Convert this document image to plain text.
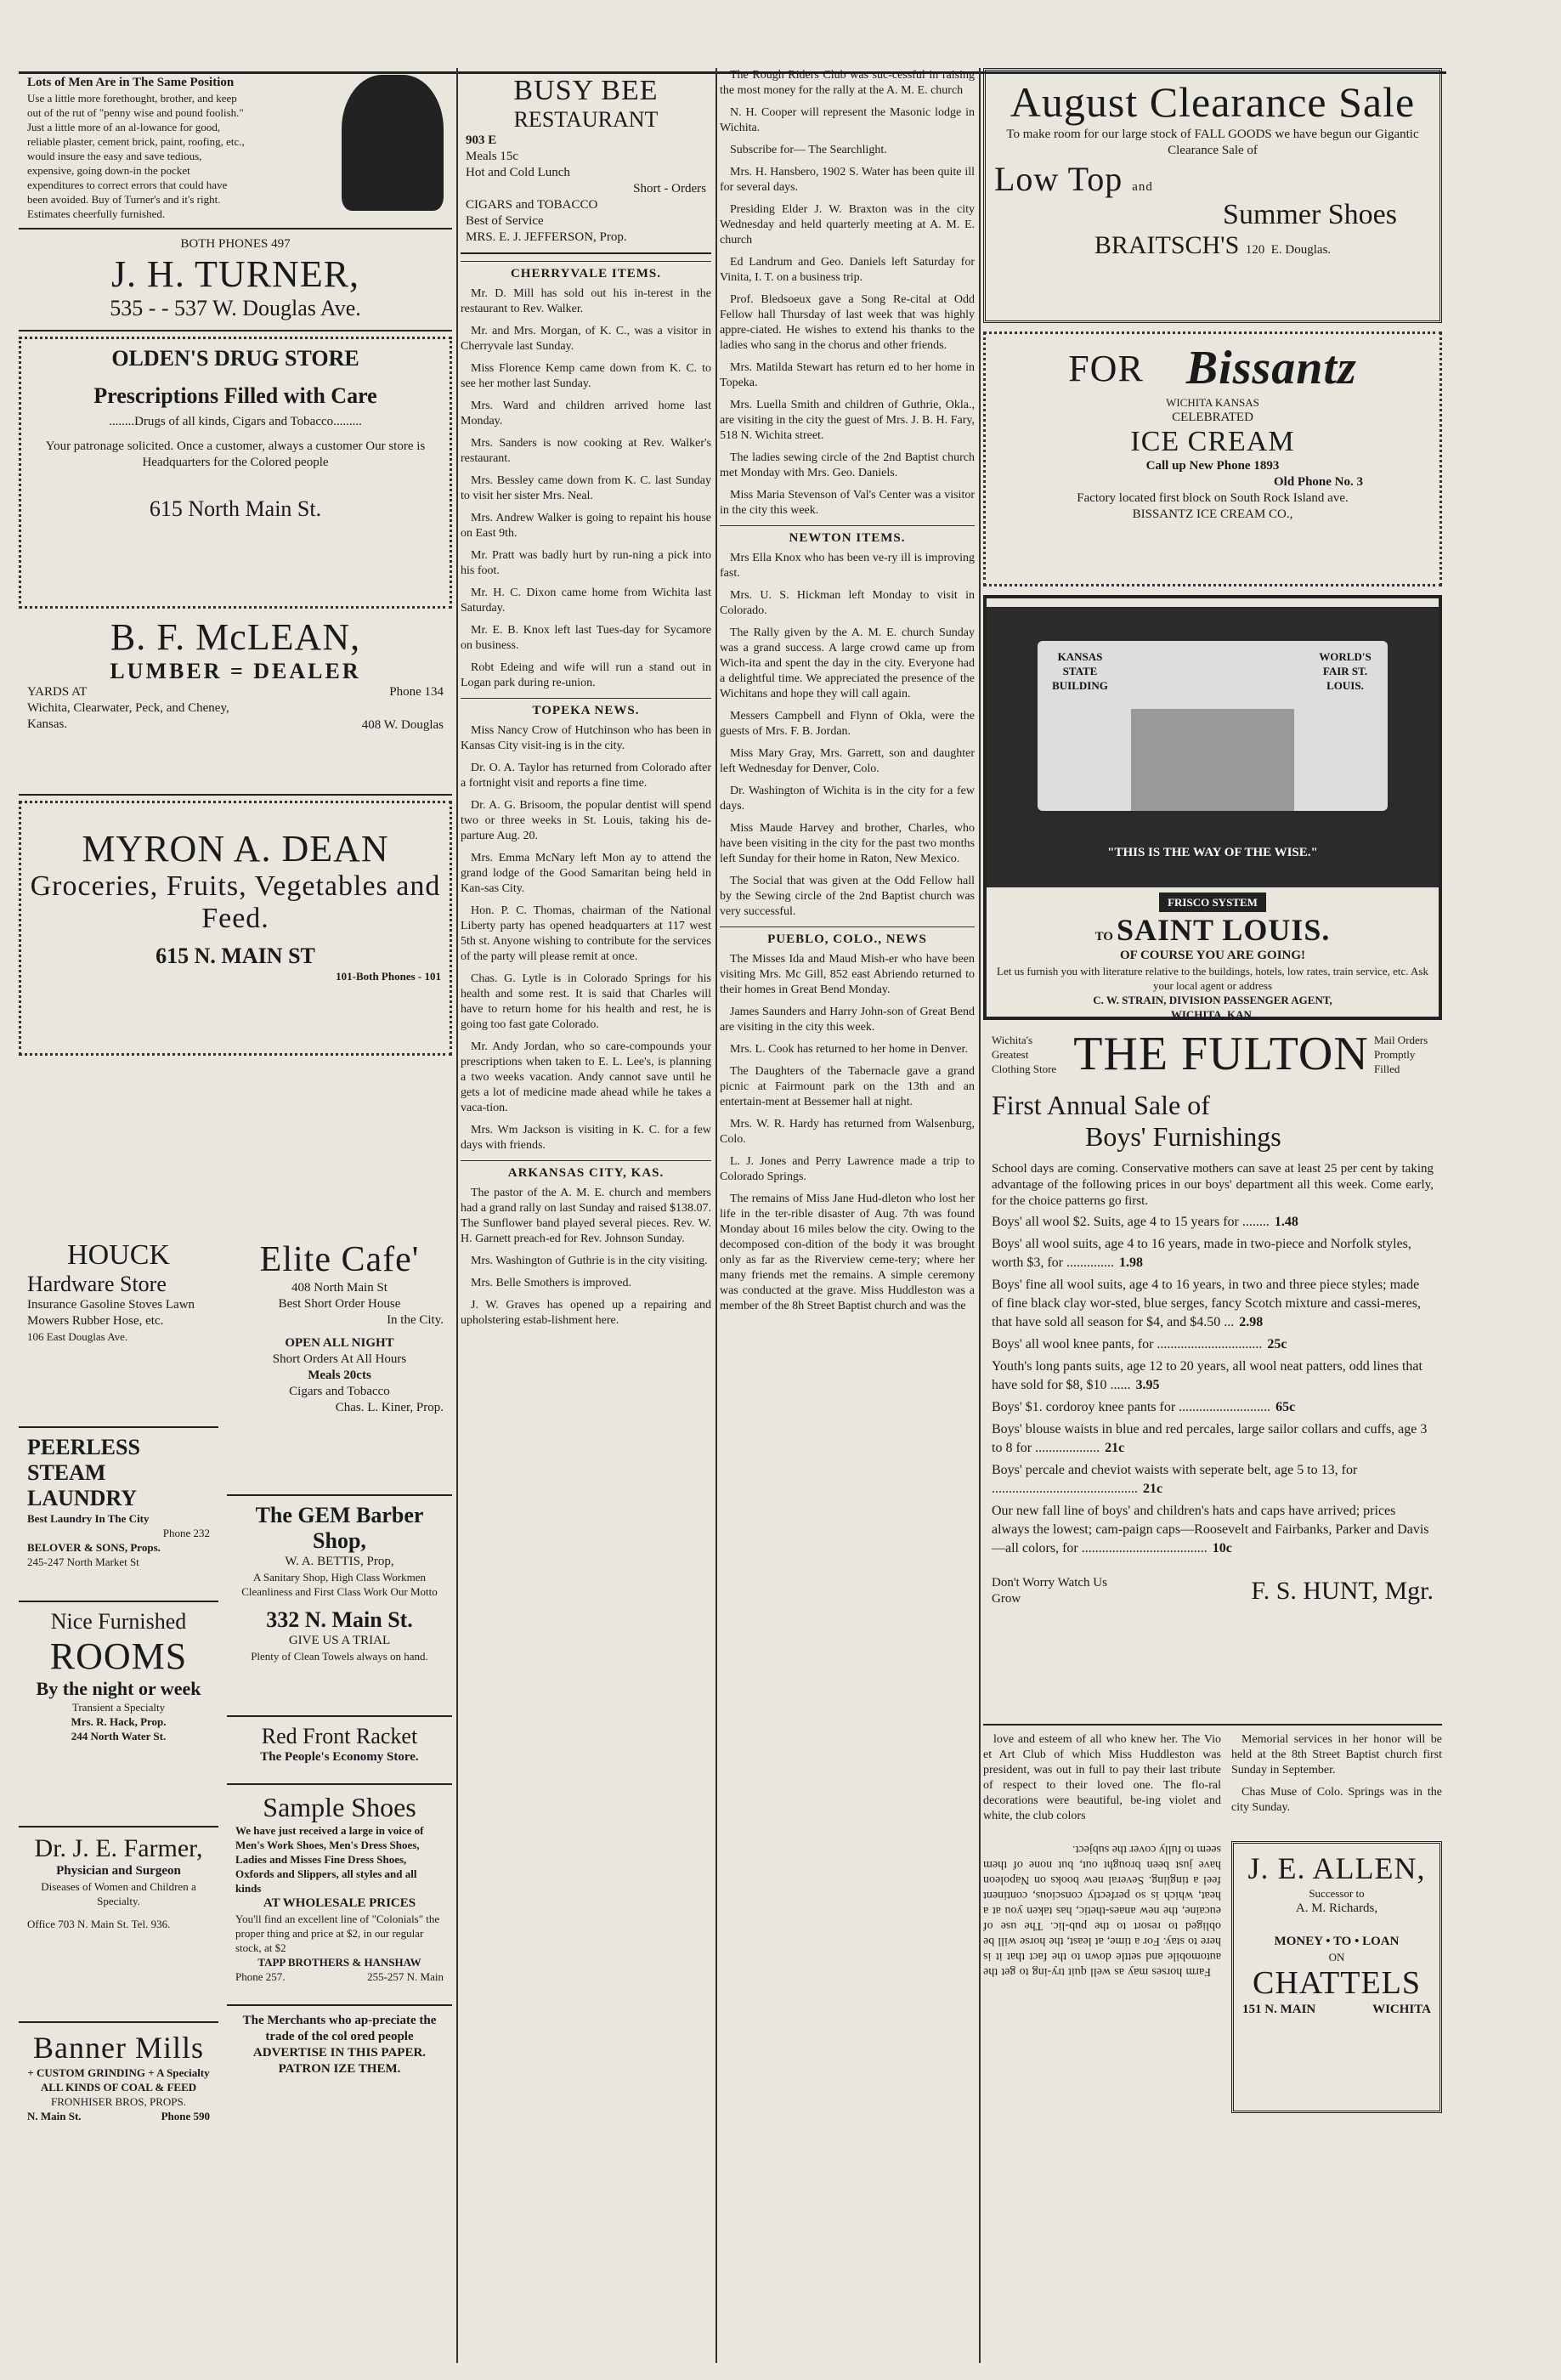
Lots of Men Are in The Same Position
Use a little more forethought, brother, and keep out of the rut of "penny wise and pound foolish." Just a little more of an al-lowance for good, reliable plaster, cement brick, paint, roofing, etc., would insure the easy and save tedious, expensive, going down-in the pocket expenditures to correct errors that could have been avoided. Buy of Turner's and it's right.
Estimates cheerfully furnished.
BOTH PHONES 497
J. H. TURNER,
535 - - 537 W. Douglas Ave.
OLDEN'S DRUG STORE
Prescriptions Filled with Care
........Drugs of all kinds, Cigars and Tobacco.........
Your patronage solicited. Once a customer, always a customer Our store is Headquarters for the Colored people
615 North Main St.
B. F. McLEAN,
LUMBER = DEALER
YARDS AT
Wichita, Clearwater, Peck, and Cheney, Kansas.
Phone 134
408 W. Douglas
MYRON A. DEAN
Groceries, Fruits, Vegetables and Feed.
615 N. MAIN ST
101-Both Phones - 101
HOUCK
Hardware Store
Insurance Gasoline Stoves Lawn Mowers Rubber Hose, etc.
106 East Douglas Ave.
PEERLESS STEAM LAUNDRY
Best Laundry In The City
Phone 232
BELOVER & SONS, Props.
245-247 North Market St
Nice Furnished
ROOMS
By the night or week
Transient a Specialty
Mrs. R. Hack, Prop.
244 North Water St.
Dr. J. E. Farmer,
Physician and Surgeon
Diseases of Women and Children a Specialty.
Office 703 N. Main St. Tel. 936.
Banner Mills
+ CUSTOM GRINDING + A Specialty ALL KINDS OF COAL & FEED
FRONHISER BROS, PROPS.
N. Main St.	Phone 590
Elite Cafe'
408 North Main St
Best Short Order House
In the City.
OPEN ALL NIGHT
Short Orders At All Hours
Meals 20cts
Cigars and Tobacco
Chas. L. Kiner, Prop.
The GEM Barber Shop,
W. A. BETTIS, Prop,
A Sanitary Shop, High Class Workmen
Cleanliness and First Class Work Our Motto
332 N. Main St.
GIVE US A TRIAL
Plenty of Clean Towels always on hand.
Red Front Racket
The People's Economy Store.
Sample Shoes
We have just received a large in voice of Men's Work Shoes, Men's Dress Shoes, Ladies and Misses Fine Dress Shoes, Oxfords and Slippers, all styles and all kinds
AT WHOLESALE PRICES
You'll find an excellent line of "Colonials" the proper thing and price at $2, in our regular stock, at $2
TAPP BROTHERS & HANSHAW
Phone 257.	255-257 N. Main
The Merchants who ap-preciate the trade of the col ored people ADVERTISE IN THIS PAPER. PATRON IZE THEM.
BUSY BEE
RESTAURANT
903 E
Meals 15c
Hot and Cold Lunch
Short - Orders
CIGARS and TOBACCO
Best of Service
MRS. E. J. JEFFERSON, Prop.
CHERRYVALE ITEMS.

Mr. D. Mill has sold out his in-terest in the restaurant to Rev. Walker.

Mr. and Mrs. Morgan, of K. C., was a visitor in Cherryvale last Sunday.

Miss Florence Kemp came down from K. C. to see her mother last Sunday.

Mrs. Ward and children arrived home last Monday.

Mrs. Sanders is now cooking at Rev. Walker's restaurant.

Mrs. Bessley came down from K. C. last Sunday to visit her sister Mrs. Neal.

Mrs. Andrew Walker is going to repaint his house on East 9th.

Mr. Pratt was badly hurt by run-ning a pick into his foot.

Mr. H. C. Dixon came home from Wichita last Saturday.

Mr. E. B. Knox left last Tues-day for Sycamore on business.

Robt Edeing and wife will run a stand out in Logan park during re-union.

TOPEKA NEWS.

Miss Nancy Crow of Hutchinson who has been in Kansas City visit-ing is in the city.

Dr. O. A. Taylor has returned from Colorado after a fortnight visit and reports a fine time.

Dr. A. G. Brisoom, the popular dentist will spend two or three weeks in St. Louis, taking his de-parture Aug. 20.

Mrs. Emma McNary left Mon ay to attend the grand lodge of the Good Samaritan being held in Kan-sas City.

Hon. P. C. Thomas, chairman of the National Liberty party has opened headquarters at 117 west 5th st. Anyone wishing to contribute for the services of the party will please remit at once.

Chas. G. Lytle is in Colorado Springs for his health and some rest. It is said that Charles will have to return home for his health and rest, he is going too fast gate Colorado.

Mr. Andy Jordan, who so care-compounds your prescriptions when taken to E. L. Lee's, is planning a two weeks vacation. Andy cannot save until he gets a lot of medicine made ahead while he takes a vaca-tion.

Mrs. Wm Jackson is visiting in K. C. for a few days with friends.

ARKANSAS CITY, KAS.

The pastor of the A. M. E. church and members had a grand rally on last Sunday and raised $138.07. The Sunflower band played several pieces. Rev. W. H. Garnett preach-ed for Rev. Johnson Sunday.

Mrs. Washington of Guthrie is in the city visiting.

Mrs. Belle Smothers is improved.

J. W. Graves has opened up a repairing and upholstering estab-lishment here.

The Rough Riders Club was suc-cessful in raising the most money for the rally at the A. M. E. church

N. H. Cooper will represent the Masonic lodge in Wichita.

Subscribe for— The Searchlight.

Mrs. H. Hansbero, 1902 S. Water has been quite ill for several days.

Presiding Elder J. W. Braxton was in the city Wednesday and held quarterly meeting at A. M. E. church

Ed Landrum and Geo. Daniels left Saturday for Vinita, I. T. on a business trip.

Prof. Bledsoeux gave a Song Re-cital at Odd Fellow hall Thursday of last week that was highly appre-ciated. He wishes to extend his thanks to the ladies who sang in the chorus and other friends.

Mrs. Matilda Stewart has return ed to her home in Topeka.

Mrs. Luella Smith and children of Guthrie, Okla., are visiting in the city the guest of Mrs. J. B. H. Fary, 518 N. Wichita street.

The ladies sewing circle of the 2nd Baptist church met Monday with Mrs. Geo. Daniels.

Miss Maria Stevenson of Val's Center was a visitor in the city this week.

NEWTON ITEMS.

Mrs Ella Knox who has been ve-ry ill is improving fast.

Mrs. U. S. Hickman left Monday to visit in Colorado.

The Rally given by the A. M. E. church Sunday was a grand success. A large crowd came up from Wich-ita and spent the day in the city. Everyone had a delightful time. We appreciated the presence of the Wichitans and hope they will call again.

Messers Campbell and Flynn of Okla, were the guests of Mrs. F. B. Jordan.

Miss Mary Gray, Mrs. Garrett, son and daughter left Wednesday for Denver, Colo.

Dr. Washington of Wichita is in the city for a few days.

Miss Maude Harvey and brother, Charles, who have been visiting in the city for the past two months left Sunday for their home in Raton, New Mexico.

The Social that was given at the Odd Fellow hall by the Sewing circle of the 2nd Baptist church was very successful.

PUEBLO, COLO., NEWS

The Misses Ida and Maud Mish-er who have been visiting Mrs. Mc Gill, 852 east Abriendo returned to their homes in Great Bend Monday.

James Saunders and Harry John-son of Great Bend are visiting in the city this week.

Mrs. L. Cook has returned to her home in Denver.

The Daughters of the Tabernacle gave a grand picnic at Fairmount park on the 13th and an entertain-ment at Bessemer hall at night.

Mrs. W. R. Hardy has returned from Walsenburg, Colo.

L. J. Jones and Perry Lawrence made a trip to Colorado Springs.

The remains of Miss Jane Hud-dleton who lost her life in the ter-rible disaster of Aug. 7th was found Monday about 16 miles below the city. Owing to the decomposed con-dition of the body it was brought only as far as the Riverview ceme-tery; where her many friends met the remains. A simple ceremony was conducted at the grave. Miss Huddleston was a member of the 8h Street Baptist church and was the

August Clearance Sale
To make room for our large stock of FALL GOODS we have begun our Gigantic Clearance Sale of
Low Top and
Summer Shoes
BRAITSCH'S 120 E. Douglas.
FOR Bissantz
WICHITA KANSAS
CELEBRATED
ICE CREAM
Call up New Phone 1893
Old Phone No. 3
Factory located first block on South Rock Island ave.
BISSANTZ ICE CREAM CO.,
KANSAS STATE BUILDING
WORLD'S FAIR ST. LOUIS.
"THIS IS THE WAY OF THE WISE."
FRISCO SYSTEM
TO SAINT LOUIS.
OF COURSE YOU ARE GOING!
Let us furnish you with literature relative to the buildings, hotels, low rates, train service, etc. Ask your local agent or address
C. W. STRAIN, DIVISION PASSENGER AGENT,
WICHITA, KAN.
Wichita's Greatest Clothing Store THE FULTON Mail Orders Promptly Filled
First Annual Sale of
Boys' Furnishings
School days are coming. Conservative mothers can save at least 25 per cent by taking advantage of the following prices in our boys' department all this week. Come early, for the choice patterns go first.
Boys' all wool $2. Suits, age 4 to 15 years for ........ 1.48
Boys' all wool suits, age 4 to 16 years, made in two-piece and Norfolk styles, worth $3, for .............. 1.98
Boys' fine all wool suits, age 4 to 16 years, in two and three piece styles; made of fine black clay wor-sted, blue serges, fancy Scotch mixture and cassi-meres, that have sold all season for $4, and $4.50 ... 2.98
Boys' all wool knee pants, for ............................... 25c
Youth's long pants suits, age 12 to 20 years, all wool neat patters, odd lines that have sold for $8, $10 ...... 3.95
Boys' $1. cordoroy knee pants for ........................... 65c
Boys' blouse waists in blue and red percales, large sailor collars and cuffs, age 3 to 8 for ................... 21c
Boys' percale and cheviot waists with seperate belt, age 5 to 13, for ........................................... 21c
Our new fall line of boys' and children's hats and caps have arrived; prices always the lowest; cam-paign caps—Roosevelt and Fairbanks, Parker and Davis—all colors, for ..................................... 10c
Don't Worry Watch Us Grow	F. S. HUNT, Mgr.

love and esteem of all who knew her. The Vio et Art Club of which Miss Huddleston was president, was out in full to pay their last tribute of respect to their loved one. The flo-ral decorations were beautiful, be-ing violet and white, the club colors

Farm horses may as well quit try-ing to get the automobile and settle down to the fact that it is here to stay. For a time, at least, the horse will be obliged to resort to the pub-lic. The use of eucaine, the new anaes-thetic, has taken you at a heat, which is so perfectly conscious, continent feel a tingling. Several new books on Napoleon have just been brought out, but none of them seem to fully cover the subject.

Memorial services in her honor will be held at the 8th Street Baptist church first Sunday in September.

Chas Muse of Colo. Springs was in the city Sunday.

J. E. ALLEN,
Successor to
A. M. Richards,
MONEY • TO • LOAN
ON
CHATTELS
151 N. MAIN	WICHITA
